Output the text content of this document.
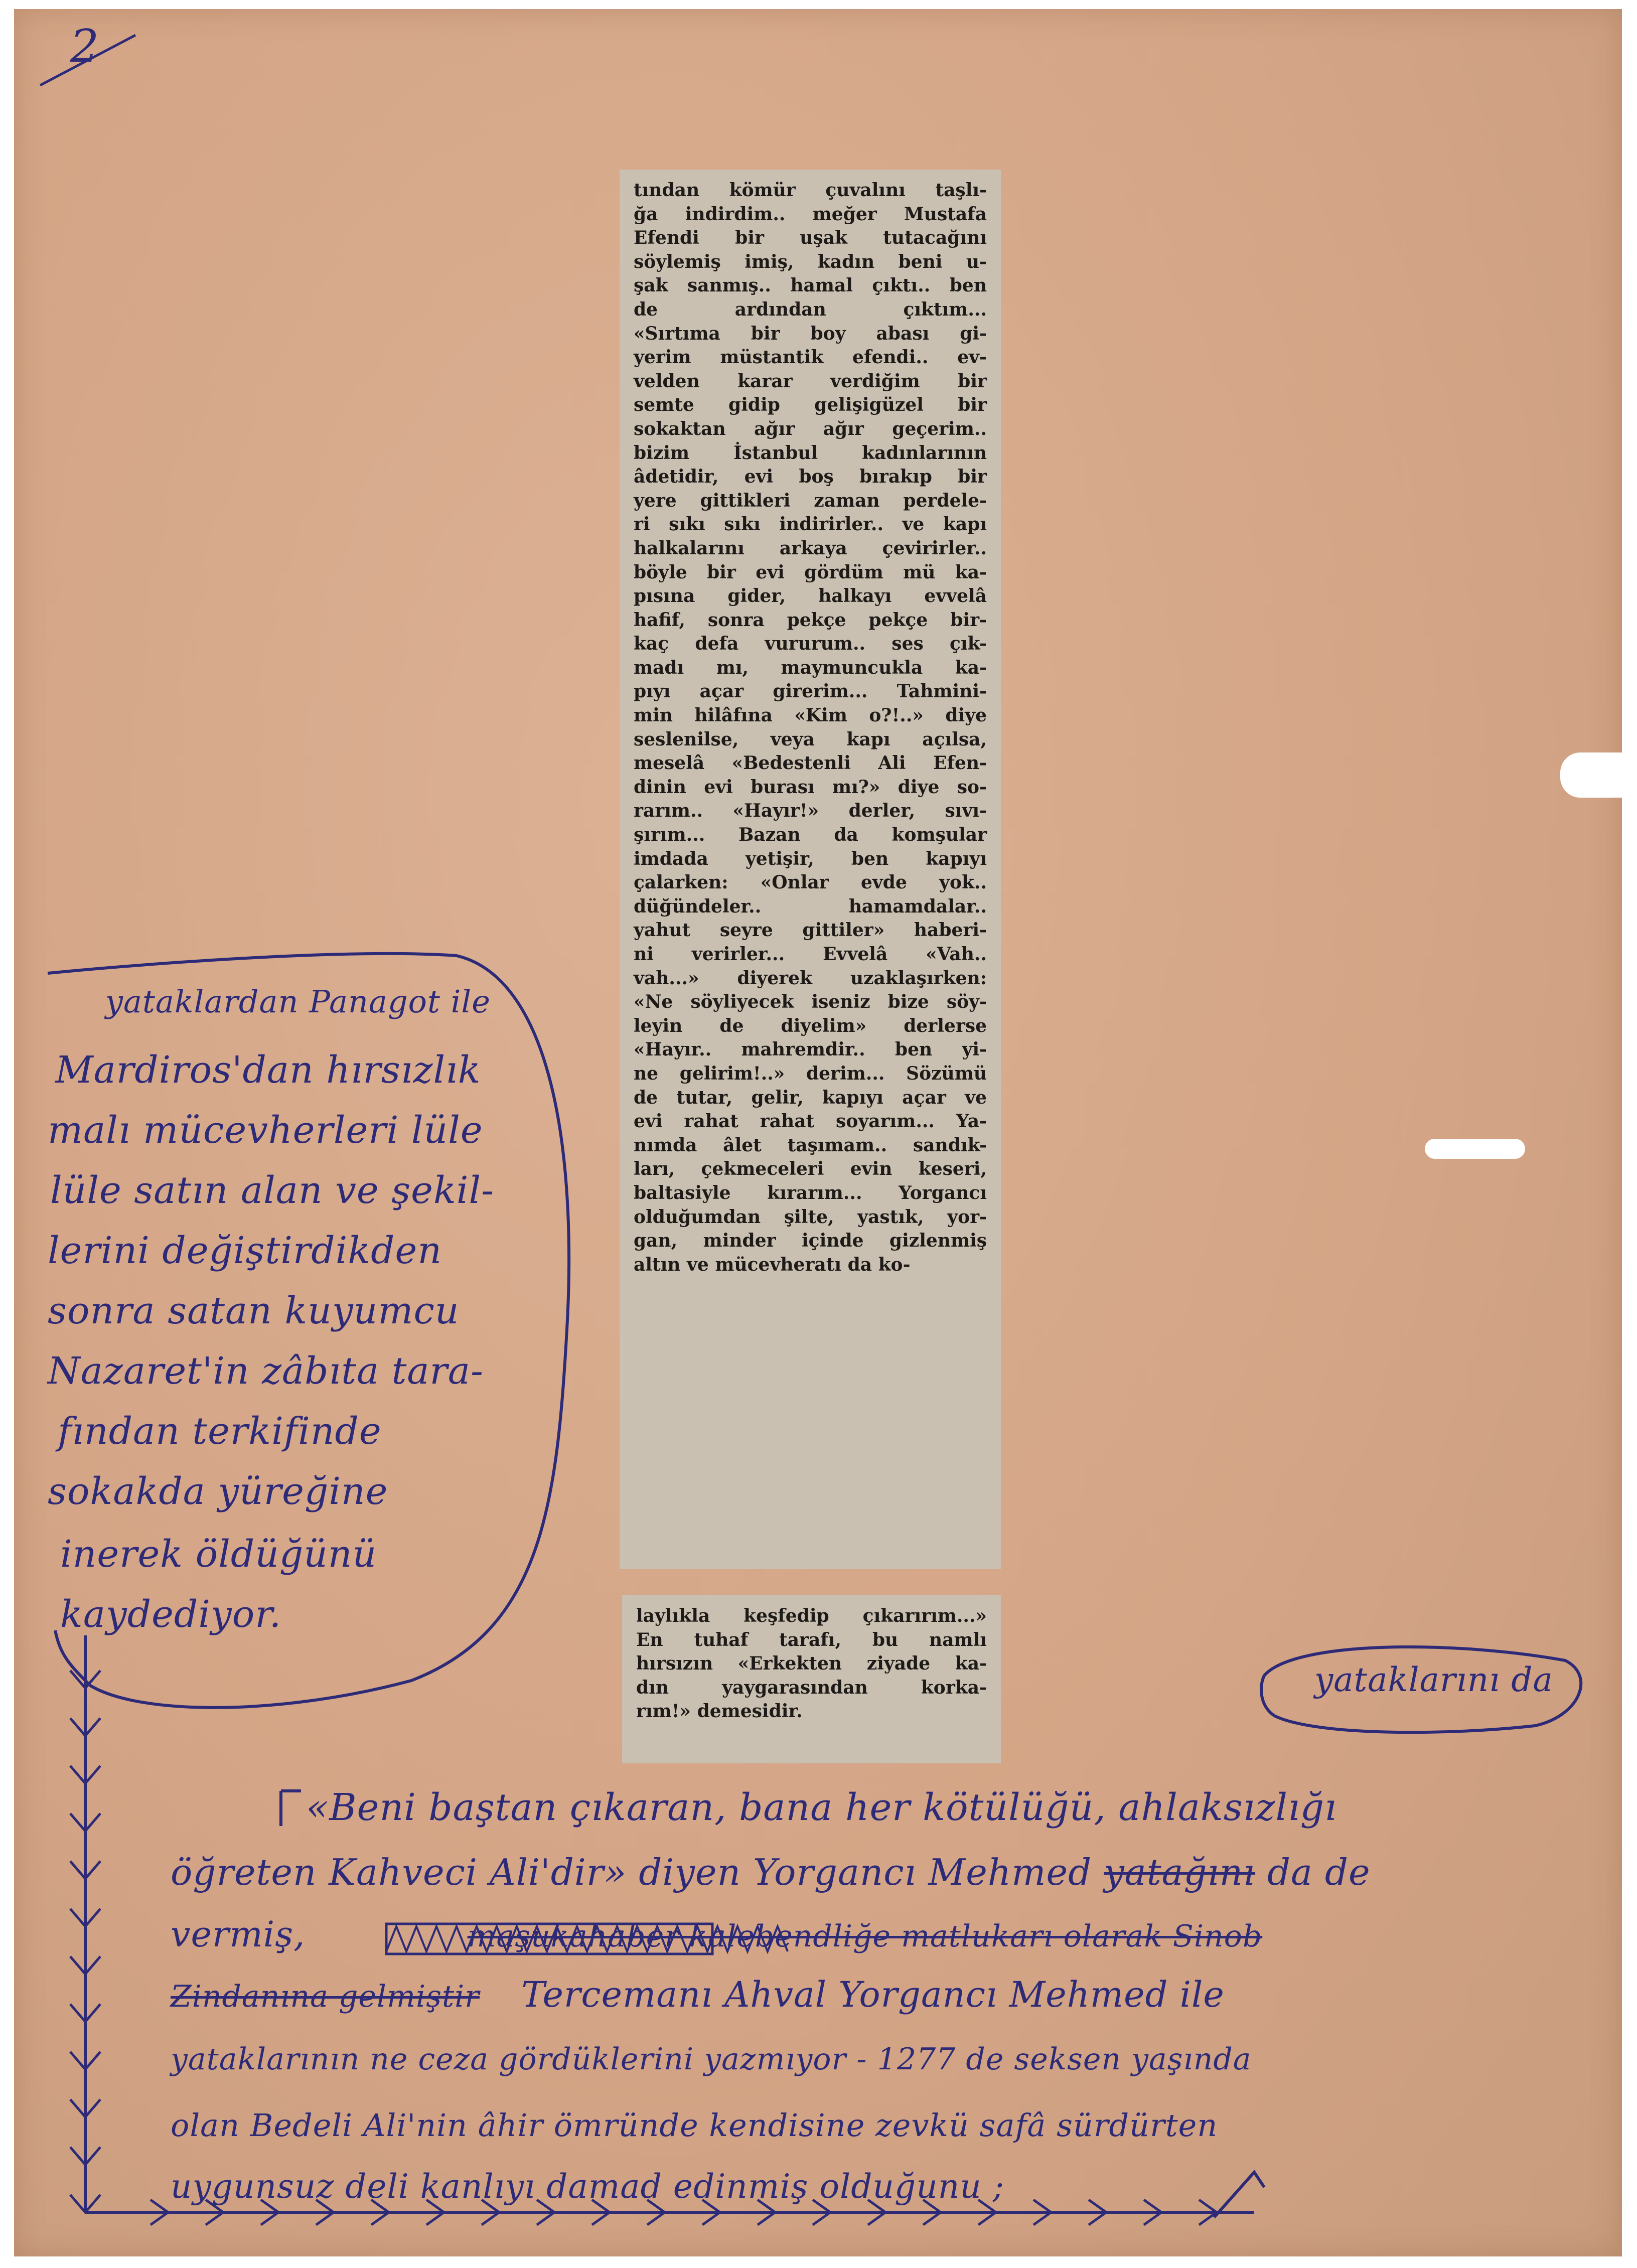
tından kömür çuvalını taşlı-
ğa indirdim.. meğer Mustafa
Efendi bir uşak tutacağını
söylemiş imiş, kadın beni u-
şak sanmış.. hamal çıktı.. ben
de ardından çıktım...
«Sırtıma bir boy abası gi-
yerim müstantik efendi.. ev-
velden karar verdiğim bir
semte gidip gelişigüzel bir
sokaktan ağır ağır geçerim..
bizim İstanbul kadınlarının
âdetidir, evi boş bırakıp bir
yere gittikleri zaman perdele-
ri sıkı sıkı indirirler.. ve kapı
halkalarını arkaya çevirirler..
böyle bir evi gördüm mü ka-
pısına gider, halkayı evvelâ
hafif, sonra pekçe pekçe bir-
kaç defa vururum.. ses çık-
madı mı, maymuncukla ka-
pıyı açar girerim... Tahmini-
min hilâfına «Kim o?!..» diye
seslenilse, veya kapı açılsa,
meselâ «Bedestenli Ali Efen-
dinin evi burası mı?» diye so-
rarım.. «Hayır!» derler, sıvı-
şırım... Bazan da komşular
imdada yetişir, ben kapıyı
çalarken: «Onlar evde yok..
düğündeler.. hamamdalar..
yahut seyre gittiler» haberi-
ni verirler... Evvelâ «Vah..
vah...» diyerek uzaklaşırken:
«Ne söyliyecek iseniz bize söy-
leyin de diyelim» derlerse
«Hayır.. mahremdir.. ben yi-
ne gelirim!..» derim... Sözümü
de tutar, gelir, kapıyı açar ve
evi rahat rahat soyarım... Ya-
nımda âlet taşımam.. sandık-
ları, çekmeceleri evin keseri,
baltasiyle kırarım... Yorgancı
olduğumdan şilte, yastık, yor-
gan, minder içinde gizlenmiş
altın ve mücevheratı da ko-
laylıkla keşfedip çıkarırım...»
En tuhaf tarafı, bu namlı
hırsızın «Erkekten ziyade ka-
dın yaygarasından korka-
rım!» demesidir.
2
yataklardan Panagot ile
Mardiros'dan hırsızlık
malı mücevherleri lüle
lüle satın alan ve şekil-
lerini değiştirdikden
sonra satan kuyumcu
Nazaret'in zâbıta tara-
fından terkifinde
sokakda yüreğine
inerek öldüğünü
kaydediyor.
yataklarını da
«Beni baştan çıkaran, bana her kötülüğü, ahlaksızlığı
öğreten Kahveci Ali'dir» diyen Yorgancı Mehmed yatağını da de
vermiş,	maşukahaber kalebendliğe matlukarı olarak Sinob
Zindanına gelmiştir Tercemanı Ahval Yorgancı Mehmed ile
yataklarının ne ceza gördüklerini yazmıyor - 1277 de seksen yaşında
olan Bedeli Ali'nin âhir ömründe kendisine zevkü safâ sürdürten
uygunsuz deli kanlıyı damad edinmiş olduğunu ;
